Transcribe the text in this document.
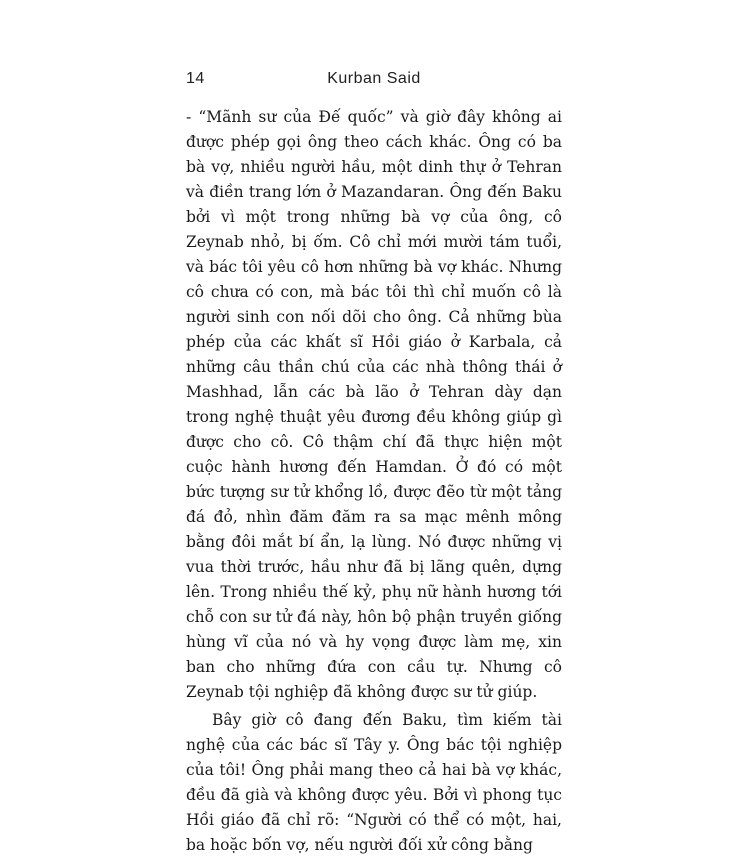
14	Kurban Said

- “Mãnh sư của Đế quốc” và giờ đây không ai được phép gọi ông theo cách khác. Ông có ba bà vợ, nhiều người hầu, một dinh thự ở Tehran và điền trang lớn ở Mazandaran. Ông đến Baku bởi vì một trong những bà vợ của ông, cô Zeynab nhỏ, bị ốm. Cô chỉ mới mười tám tuổi, và bác tôi yêu cô hơn những bà vợ khác. Nhưng cô chưa có con, mà bác tôi thì chỉ muốn cô là người sinh con nối dõi cho ông. Cả những bùa phép của các khất sĩ Hồi giáo ở Karbala, cả những câu thần chú của các nhà thông thái ở Mashhad, lẫn các bà lão ở Tehran dày dạn trong nghệ thuật yêu đương đều không giúp gì được cho cô. Cô thậm chí đã thực hiện một cuộc hành hương đến Hamdan. Ở đó có một bức tượng sư tử khổng lồ, được đẽo từ một tảng đá đỏ, nhìn đăm đăm ra sa mạc mênh mông bằng đôi mắt bí ẩn, lạ lùng. Nó được những vị vua thời trước, hầu như đã bị lãng quên, dựng lên. Trong nhiều thế kỷ, phụ nữ hành hương tới chỗ con sư tử đá này, hôn bộ phận truyền giống hùng vĩ của nó và hy vọng được làm mẹ, xin ban cho những đứa con cầu tự. Nhưng cô Zeynab tội nghiệp đã không được sư tử giúp.

Bây giờ cô đang đến Baku, tìm kiếm tài nghệ của các bác sĩ Tây y. Ông bác tội nghiệp của tôi! Ông phải mang theo cả hai bà vợ khác, đều đã già và không được yêu. Bởi vì phong tục Hồi giáo đã chỉ rõ: “Người có thể có một, hai, ba hoặc bốn vợ, nếu người đối xử công bằng
